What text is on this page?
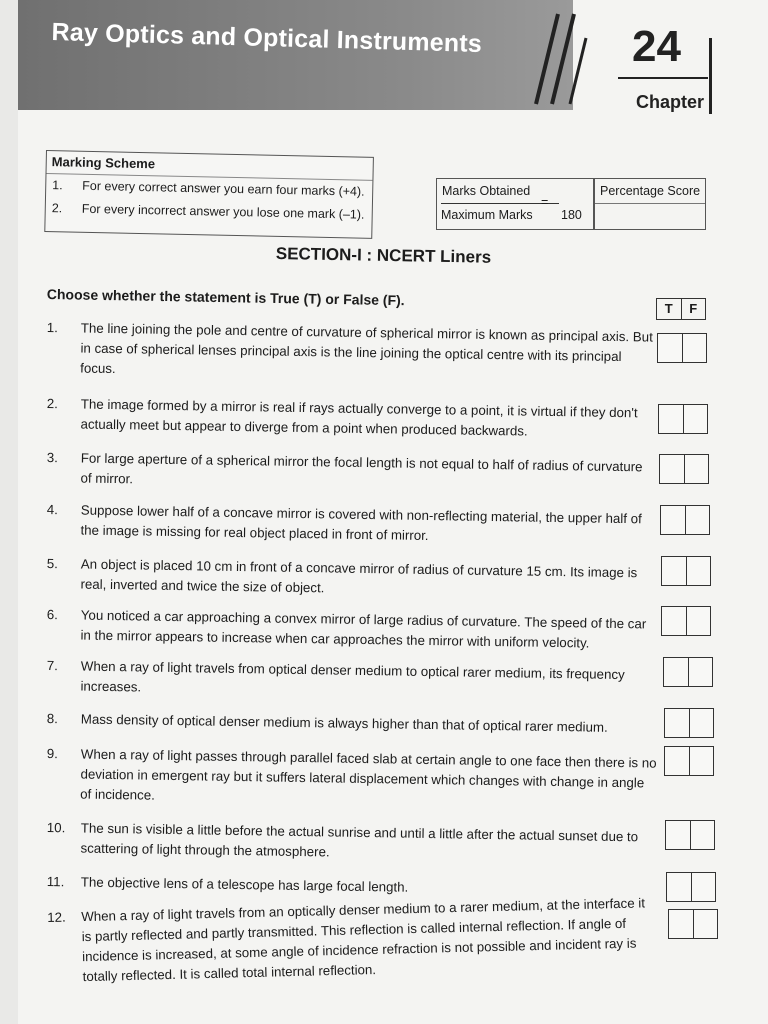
Ray Optics and Optical Instruments	24
Chapter
Marking Scheme
1. For every correct answer you earn four marks (+4).
2. For every incorrect answer you lose one mark (–1).
Marks Obtained
Maximum Marks
=
180
Percentage Score
SECTION-I : NCERT Liners
Choose whether the statement is True (T) or False (F).
T	F
1. The line joining the pole and centre of curvature of spherical mirror is known as principal axis. But in case of spherical lenses principal axis is the line joining the optical centre with its principal focus.
2. The image formed by a mirror is real if rays actually converge to a point, it is virtual if they don't actually meet but appear to diverge from a point when produced backwards.
3. For large aperture of a spherical mirror the focal length is not equal to half of radius of curvature of mirror.
4. Suppose lower half of a concave mirror is covered with non-reflecting material, the upper half of the image is missing for real object placed in front of mirror.
5. An object is placed 10 cm in front of a concave mirror of radius of curvature 15 cm. Its image is real, inverted and twice the size of object.
6. You noticed a car approaching a convex mirror of large radius of curvature. The speed of the car in the mirror appears to increase when car approaches the mirror with uniform velocity.
7. When a ray of light travels from optical denser medium to optical rarer medium, its frequency increases.
8. Mass density of optical denser medium is always higher than that of optical rarer medium.
9. When a ray of light passes through parallel faced slab at certain angle to one face then there is no deviation in emergent ray but it suffers lateral displacement which changes with change in angle of incidence.
10. The sun is visible a little before the actual sunrise and until a little after the actual sunset due to scattering of light through the atmosphere.
11. The objective lens of a telescope has large focal length.
12. When a ray of light travels from an optically denser medium to a rarer medium, at the interface it is partly reflected and partly transmitted. This reflection is called internal reflection. If angle of incidence is increased, at some angle of incidence refraction is not possible and incident ray is totally reflected. It is called total internal reflection.
